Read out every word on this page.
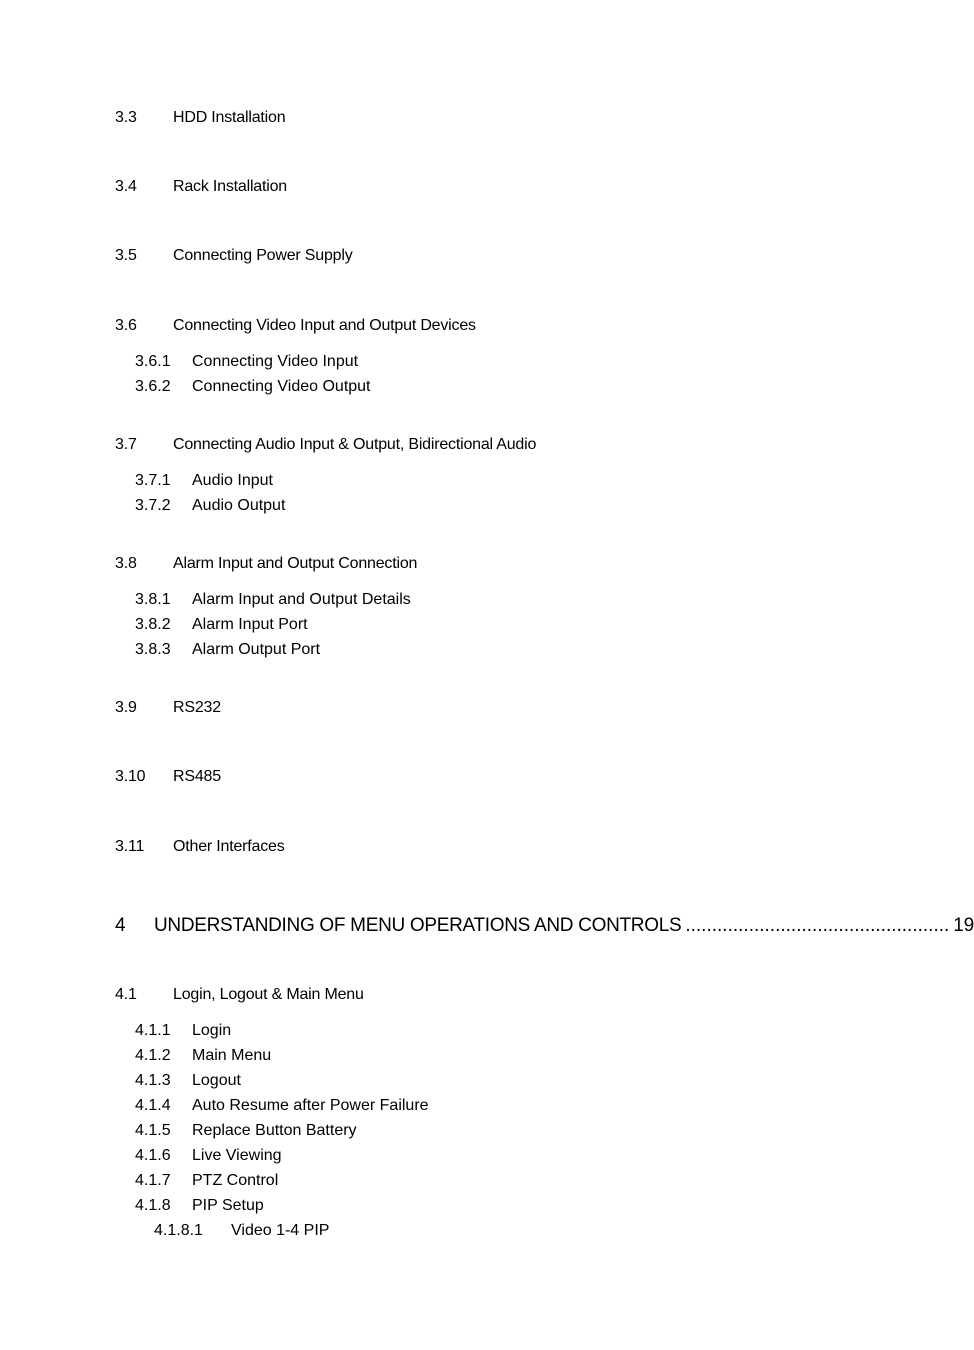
3.3 HDD Installation
3.4 Rack Installation
3.5 Connecting Power Supply
3.6 Connecting Video Input and Output Devices
3.6.1 Connecting Video Input
3.6.2 Connecting Video Output
3.7 Connecting Audio Input & Output, Bidirectional Audio
3.7.1 Audio Input
3.7.2 Audio Output
3.8 Alarm Input and Output Connection
3.8.1 Alarm Input and Output Details
3.8.2 Alarm Input Port
3.8.3 Alarm Output Port
3.9 RS232
3.10 RS485
3.11 Other Interfaces
4	UNDERSTANDING OF MENU OPERATIONS AND CONTROLS .................................................. 19
4.1 Login, Logout & Main Menu
4.1.1 Login
4.1.2 Main Menu
4.1.3 Logout
4.1.4 Auto Resume after Power Failure
4.1.5 Replace Button Battery
4.1.6 Live Viewing
4.1.7 PTZ Control
4.1.8 PIP Setup
4.1.8.1 Video 1-4 PIP
